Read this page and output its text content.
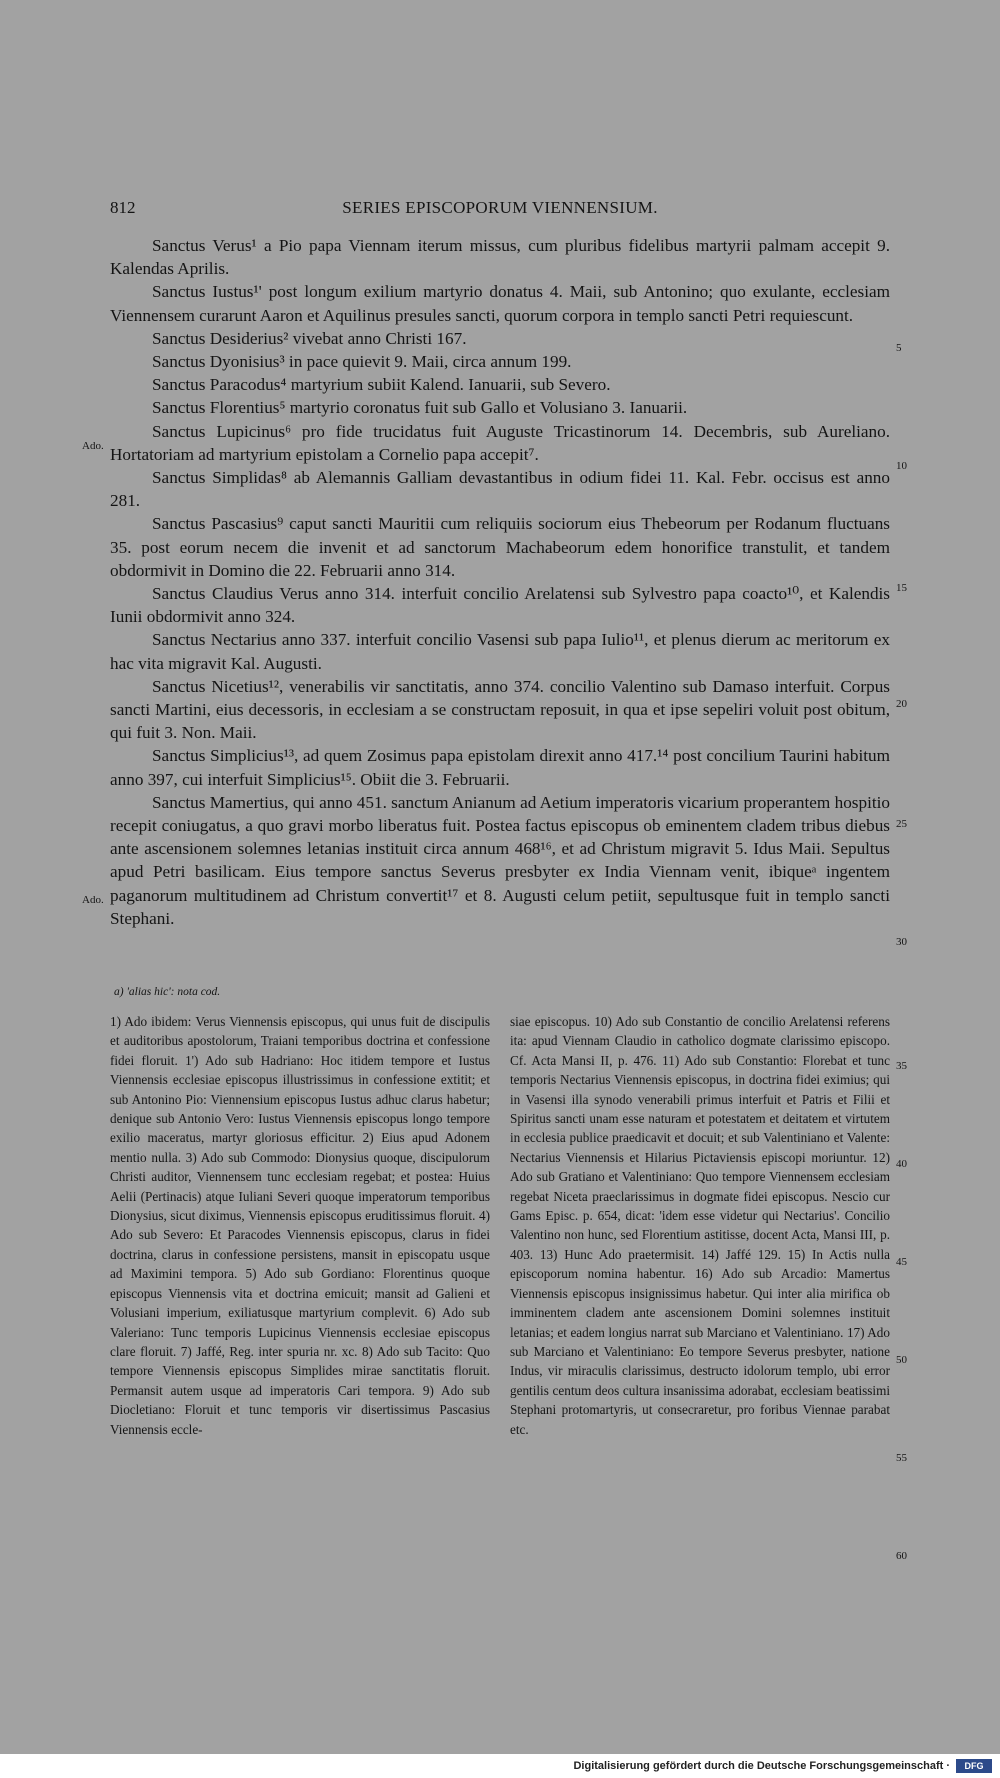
812	SERIES EPISCOPORUM VIENNENSIUM.

Sanctus Verus¹ a Pio papa Viennam iterum missus, cum pluribus fidelibus martyrii palmam accepit 9. Kalendas Aprilis.

Sanctus Iustus¹' post longum exilium martyrio donatus 4. Maii, sub Antonino; quo exulante, ecclesiam Viennensem curarunt Aaron et Aquilinus presules sancti, quorum corpora in templo sancti Petri requiescunt.

Sanctus Desiderius² vivebat anno Christi 167.

Sanctus Dyonisius³ in pace quievit 9. Maii, circa annum 199.

Sanctus Paracodus⁴ martyrium subiit Kalend. Ianuarii, sub Severo.

Sanctus Florentius⁵ martyrio coronatus fuit sub Gallo et Volusiano 3. Ianuarii.

Sanctus Lupicinus⁶ pro fide trucidatus fuit Auguste Tricastinorum 14. Decembris, sub Aureliano. Hortatoriam ad martyrium epistolam a Cornelio papa accepit⁷.

Sanctus Simplidas⁸ ab Alemannis Galliam devastantibus in odium fidei 11. Kal. Febr. occisus est anno 281.

Sanctus Pascasius⁹ caput sancti Mauritii cum reliquiis sociorum eius Thebeorum per Rodanum fluctuans 35. post eorum necem die invenit et ad sanctorum Machabeorum edem honorifice transtulit, et tandem obdormivit in Domino die 22. Februarii anno 314.

Sanctus Claudius Verus anno 314. interfuit concilio Arelatensi sub Sylvestro papa coacto¹⁰, et Kalendis Iunii obdormivit anno 324.

Sanctus Nectarius anno 337. interfuit concilio Vasensi sub papa Iulio¹¹, et plenus dierum ac meritorum ex hac vita migravit Kal. Augusti.

Sanctus Nicetius¹², venerabilis vir sanctitatis, anno 374. concilio Valentino sub Damaso interfuit. Corpus sancti Martini, eius decessoris, in ecclesiam a se constructam reposuit, in qua et ipse sepeliri voluit post obitum, qui fuit 3. Non. Maii.

Sanctus Simplicius¹³, ad quem Zosimus papa epistolam direxit anno 417.¹⁴ post concilium Taurini habitum anno 397, cui interfuit Simplicius¹⁵. Obiit die 3. Februarii.

Sanctus Mamertius, qui anno 451. sanctum Anianum ad Aetium imperatoris vicarium properantem hospitio recepit coniugatus, a quo gravi morbo liberatus fuit. Postea factus episcopus ob eminentem cladem tribus diebus ante ascensionem solemnes letanias instituit circa annum 468¹⁶, et ad Christum migravit 5. Idus Maii. Sepultus apud Petri basilicam. Eius tempore sanctus Severus presbyter ex India Viennam venit, ibiqueᵃ ingentem paganorum multitudinem ad Christum convertit¹⁷ et 8. Augusti celum petiit, sepultusque fuit in templo sancti Stephani.

Ado.
Ado.
5
10
15
20
25
30
35
40
45
50
55
60
a) 'alias hic': nota cod.

1) Ado ibidem: Verus Viennensis episcopus, qui unus fuit de discipulis et auditoribus apostolorum, Traiani temporibus doctrina et confessione fidei floruit. 1') Ado sub Hadriano: Hoc itidem tempore et Iustus Viennensis ecclesiae episcopus illustrissimus in confessione extitit; et sub Antonino Pio: Viennensium episcopus Iustus adhuc clarus habetur; denique sub Antonio Vero: Iustus Viennensis episcopus longo tempore exilio maceratus, martyr gloriosus efficitur. 2) Eius apud Adonem mentio nulla. 3) Ado sub Commodo: Dionysius quoque, discipulorum Christi auditor, Viennensem tunc ecclesiam regebat; et postea: Huius Aelii (Pertinacis) atque Iuliani Severi quoque imperatorum temporibus Dionysius, sicut diximus, Viennensis episcopus eruditissimus floruit. 4) Ado sub Severo: Et Paracodes Viennensis episcopus, clarus in fidei doctrina, clarus in confessione persistens, mansit in episcopatu usque ad Maximini tempora. 5) Ado sub Gordiano: Florentinus quoque episcopus Viennensis vita et doctrina emicuit; mansit ad Galieni et Volusiani imperium, exiliatusque martyrium complevit. 6) Ado sub Valeriano: Tunc temporis Lupicinus Viennensis ecclesiae episcopus clare floruit. 7) Jaffé, Reg. inter spuria nr. xc. 8) Ado sub Tacito: Quo tempore Viennensis episcopus Simplides mirae sanctitatis floruit. Permansit autem usque ad imperatoris Cari tempora. 9) Ado sub Diocletiano: Floruit et tunc temporis vir disertissimus Pascasius Viennensis eccle-

siae episcopus. 10) Ado sub Constantio de concilio Arelatensi referens ita: apud Viennam Claudio in catholico dogmate clarissimo episcopo. Cf. Acta Mansi II, p. 476. 11) Ado sub Constantio: Florebat et tunc temporis Nectarius Viennensis episcopus, in doctrina fidei eximius; qui in Vasensi illa synodo venerabili primus interfuit et Patris et Filii et Spiritus sancti unam esse naturam et potestatem et deitatem et virtutem in ecclesia publice praedicavit et docuit; et sub Valentiniano et Valente: Nectarius Viennensis et Hilarius Pictaviensis episcopi moriuntur. 12) Ado sub Gratiano et Valentiniano: Quo tempore Viennensem ecclesiam regebat Niceta praeclarissimus in dogmate fidei episcopus. Nescio cur Gams Episc. p. 654, dicat: 'idem esse videtur qui Nectarius'. Concilio Valentino non hunc, sed Florentium astitisse, docent Acta, Mansi III, p. 403. 13) Hunc Ado praetermisit. 14) Jaffé 129. 15) In Actis nulla episcoporum nomina habentur. 16) Ado sub Arcadio: Mamertus Viennensis episcopus insignissimus habetur. Qui inter alia mirifica ob imminentem cladem ante ascensionem Domini solemnes instituit letanias; et eadem longius narrat sub Marciano et Valentiniano. 17) Ado sub Marciano et Valentiniano: Eo tempore Severus presbyter, natione Indus, vir miraculis clarissimus, destructo idolorum templo, ubi error gentilis centum deos cultura insanissima adorabat, ecclesiam beatissimi Stephani protomartyris, ut consecraretur, pro foribus Viennae parabat etc.

Digitalisierung gefördert durch die Deutsche Forschungsgemeinschaft ·	DFG
